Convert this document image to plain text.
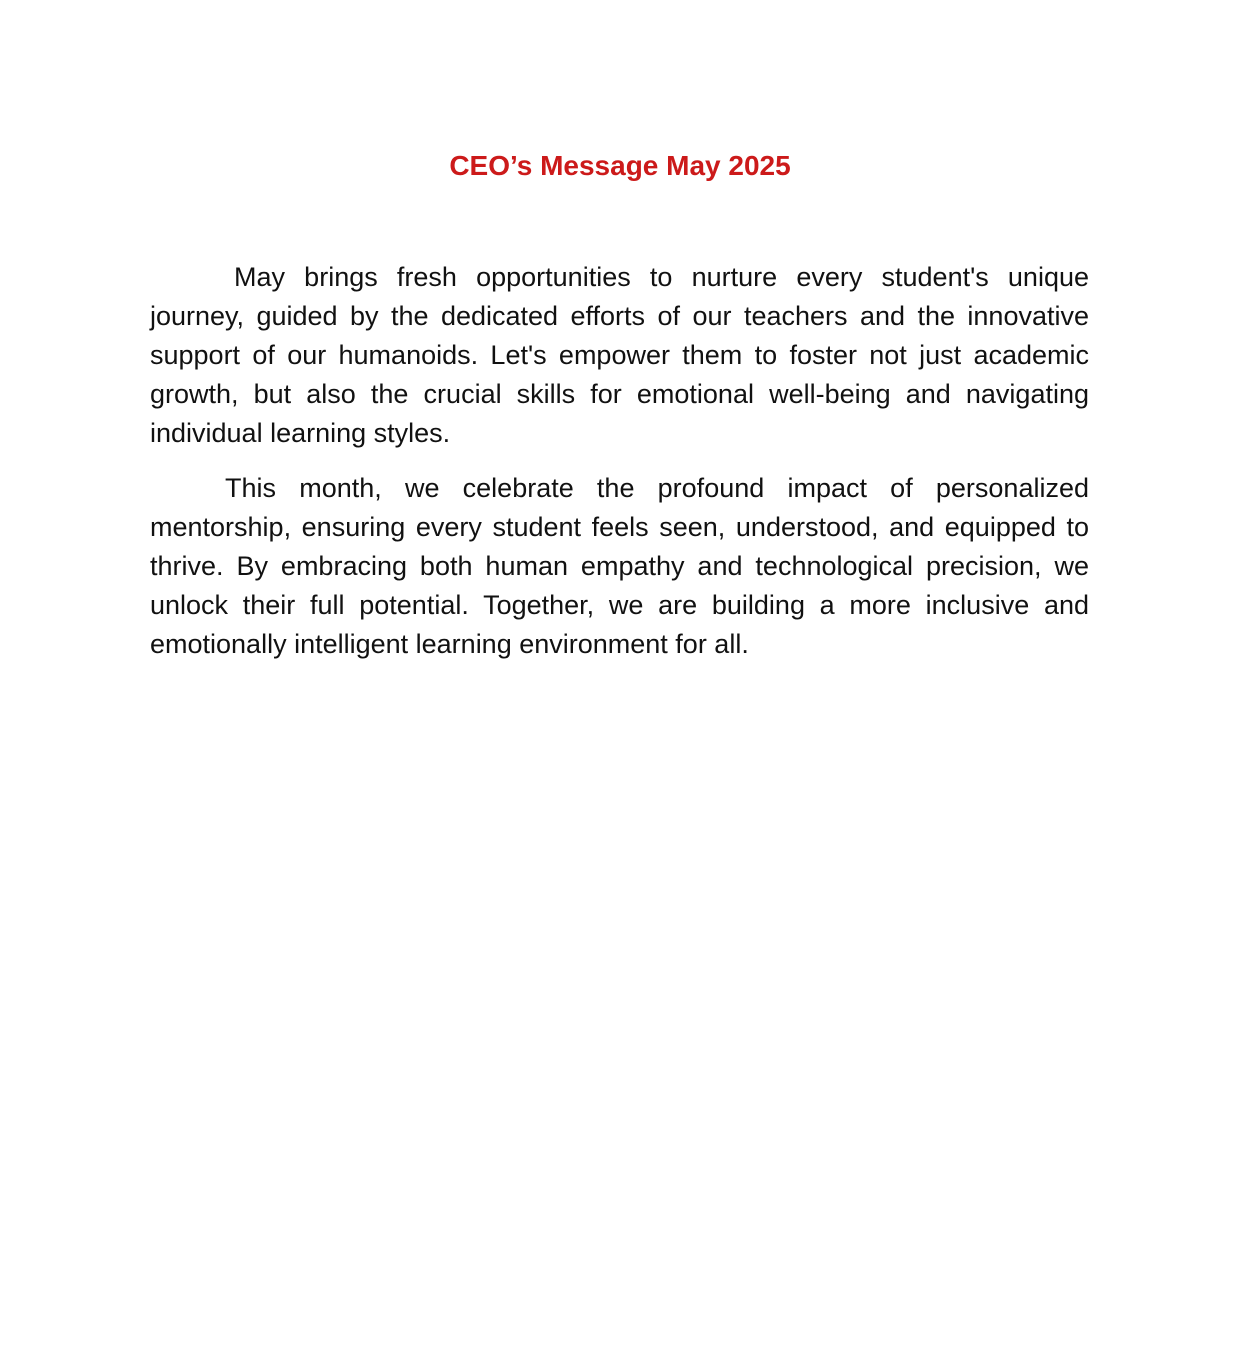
CEO’s Message May 2025

May brings fresh opportunities to nurture every student's unique journey, guided by the dedicated efforts of our teachers and the innovative support of our humanoids. Let's empower them to foster not just academic growth, but also the crucial skills for emotional well-being and navigating individual learning styles.

This month, we celebrate the profound impact of personalized mentorship, ensuring every student feels seen, understood, and equipped to thrive. By embracing both human empathy and technological precision, we unlock their full potential. Together, we are building a more inclusive and emotionally intelligent learning environment for all.
